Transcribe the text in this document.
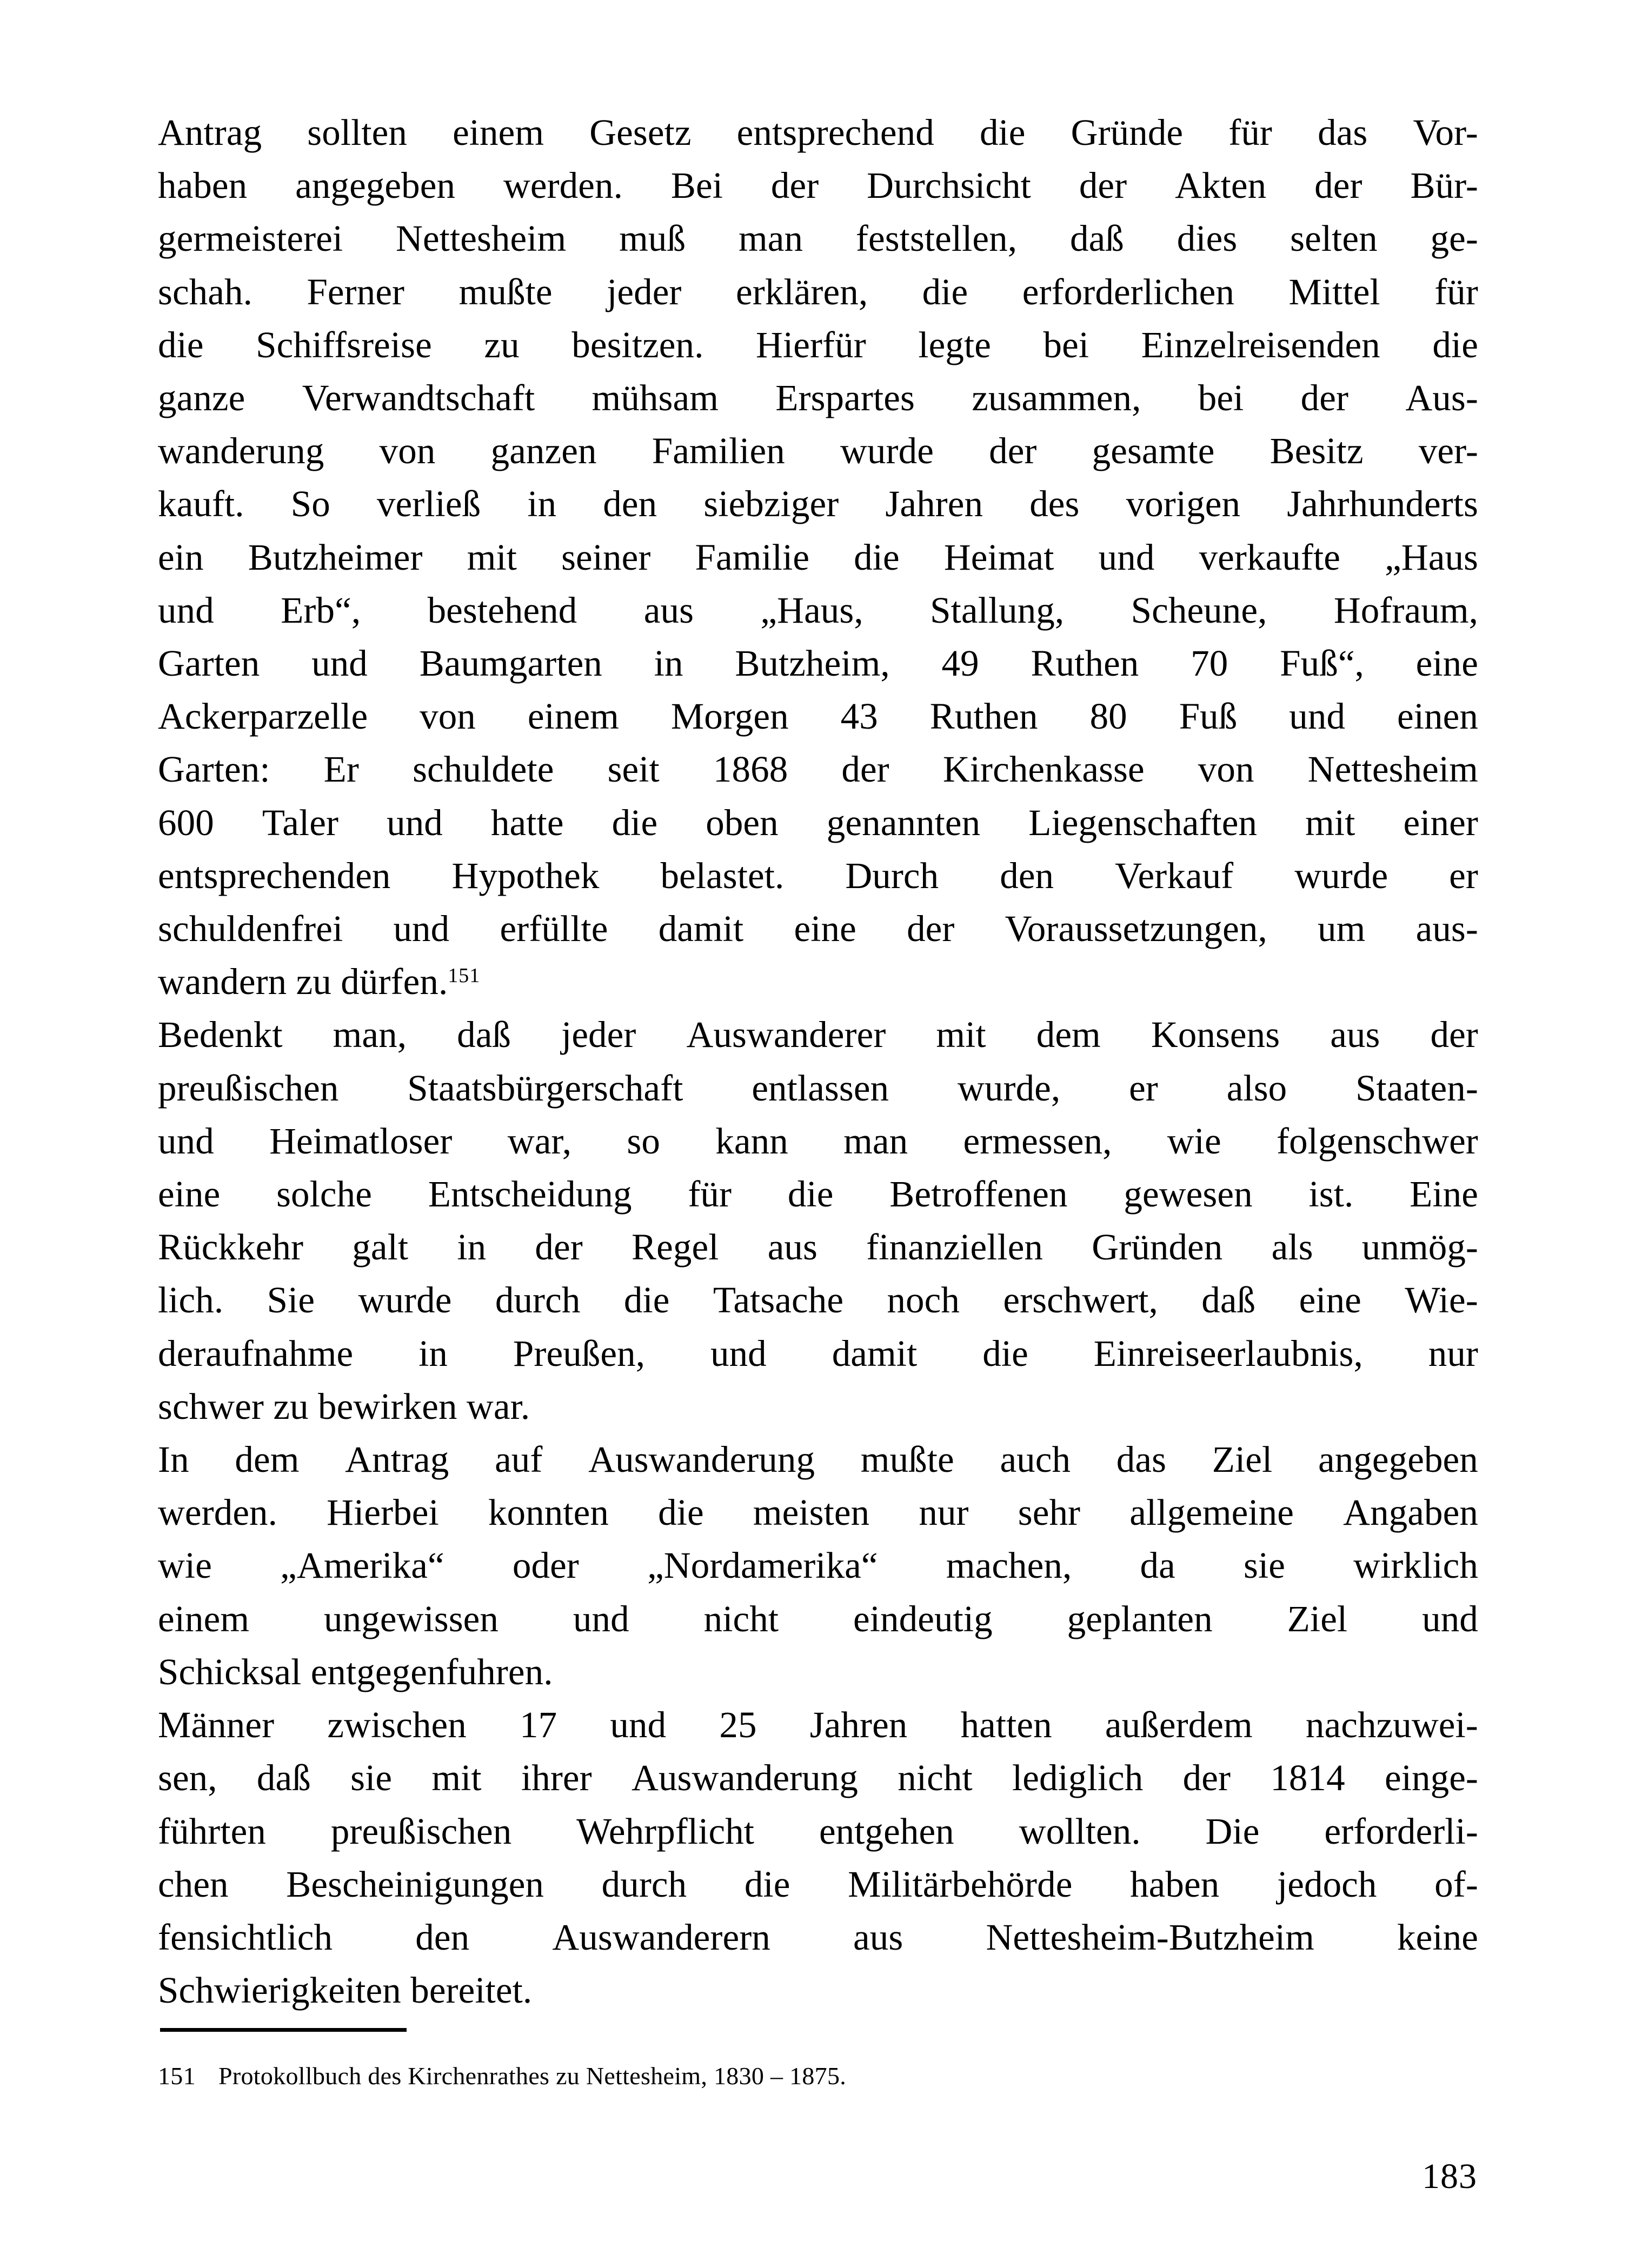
Antrag sollten einem Gesetz entsprechend die Gründe für das Vor-
haben angegeben werden. Bei der Durchsicht der Akten der Bür-
germeisterei Nettesheim muß man feststellen, daß dies selten ge-
schah. Ferner mußte jeder erklären, die erforderlichen Mittel für
die Schiffsreise zu besitzen. Hierfür legte bei Einzelreisenden die
ganze Verwandtschaft mühsam Erspartes zusammen, bei der Aus-
wanderung von ganzen Familien wurde der gesamte Besitz ver-
kauft. So verließ in den siebziger Jahren des vorigen Jahrhunderts
ein Butzheimer mit seiner Familie die Heimat und verkaufte „Haus
und Erb“, bestehend aus „Haus, Stallung, Scheune, Hofraum,
Garten und Baumgarten in Butzheim, 49 Ruthen 70 Fuß“, eine
Ackerparzelle von einem Morgen 43 Ruthen 80 Fuß und einen
Garten: Er schuldete seit 1868 der Kirchenkasse von Nettesheim
600 Taler und hatte die oben genannten Liegenschaften mit einer
entsprechenden Hypothek belastet. Durch den Verkauf wurde er
schuldenfrei und erfüllte damit eine der Voraussetzungen, um aus-
wandern zu dürfen.$^{151}$

Bedenkt man, daß jeder Auswanderer mit dem Konsens aus der
preußischen Staatsbürgerschaft entlassen wurde, er also Staaten-
und Heimatloser war, so kann man ermessen, wie folgenschwer
eine solche Entscheidung für die Betroffenen gewesen ist. Eine
Rückkehr galt in der Regel aus finanziellen Gründen als unmög-
lich. Sie wurde durch die Tatsache noch erschwert, daß eine Wie-
deraufnahme in Preußen, und damit die Einreiseerlaubnis, nur
schwer zu bewirken war.

In dem Antrag auf Auswanderung mußte auch das Ziel angegeben
werden. Hierbei konnten die meisten nur sehr allgemeine Angaben
wie „Amerika“ oder „Nordamerika“ machen, da sie wirklich
einem ungewissen und nicht eindeutig geplanten Ziel und
Schicksal entgegenfuhren.

Männer zwischen 17 und 25 Jahren hatten außerdem nachzuwei-
sen, daß sie mit ihrer Auswanderung nicht lediglich der 1814 einge-
führten preußischen Wehrpflicht entgehen wollten. Die erforderli-
chen Bescheinigungen durch die Militärbehörde haben jedoch of-
fensichtlich den Auswanderern aus Nettesheim-Butzheim keine
Schwierigkeiten bereitet.

151 Protokollbuch des Kirchenrathes zu Nettesheim, 1830 – 1875.
183
